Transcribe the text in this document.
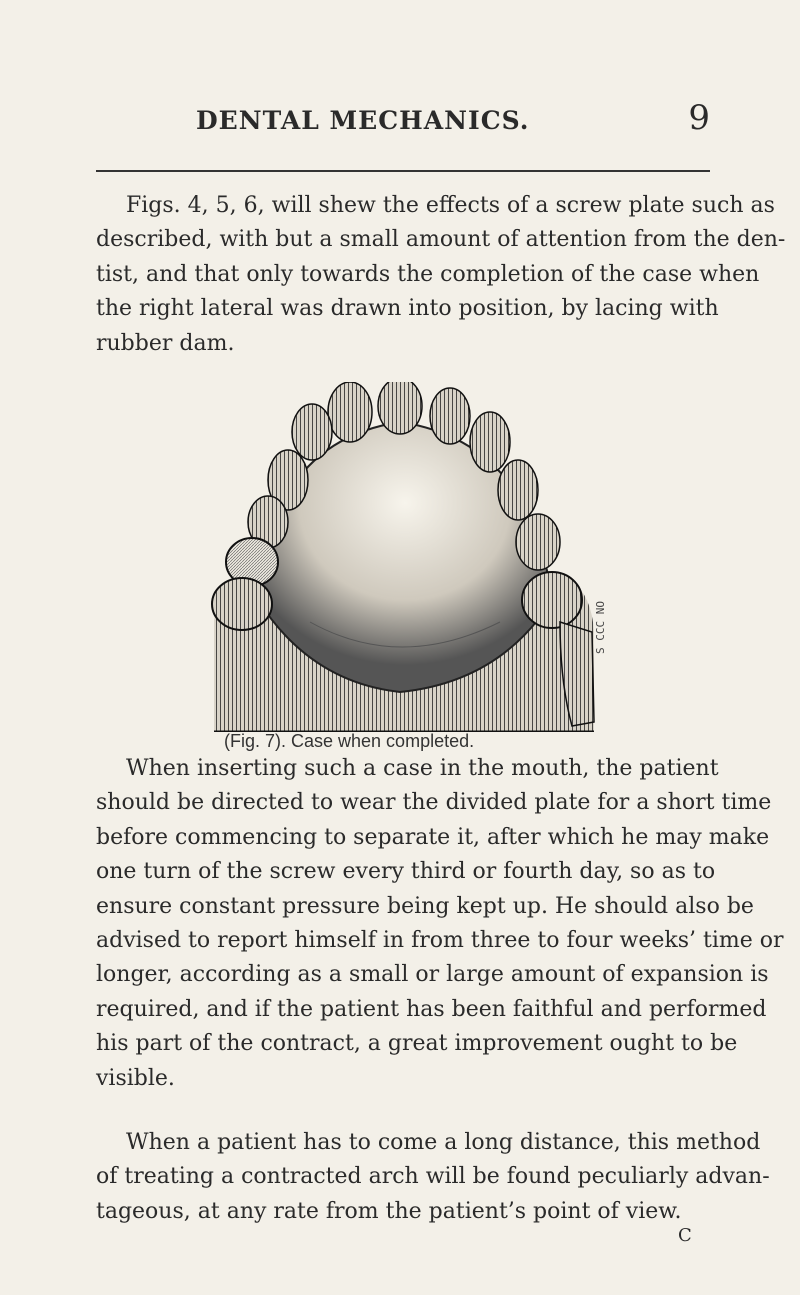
DENTAL MECHANICS.	9
Figs. 4, 5, 6, will shew the effects of a screw plate such as
described, with but a small amount of attention from the den-
tist, and that only towards the completion of the case when
the right lateral was drawn into position, by lacing with
rubber dam.
S CCC NO
(Fig. 7). Case when completed.
When inserting such a case in the mouth, the patient
should be directed to wear the divided plate for a short time
before commencing to separate it, after which he may make
one turn of the screw every third or fourth day, so as to
ensure constant pressure being kept up. He should also be
advised to report himself in from three to four weeks’ time or
longer, according as a small or large amount of expansion is
required, and if the patient has been faithful and performed
his part of the contract, a great improvement ought to be
visible.
When a patient has to come a long distance, this method
of treating a contracted arch will be found peculiarly advan-
tageous, at any rate from the patient’s point of view.
C
